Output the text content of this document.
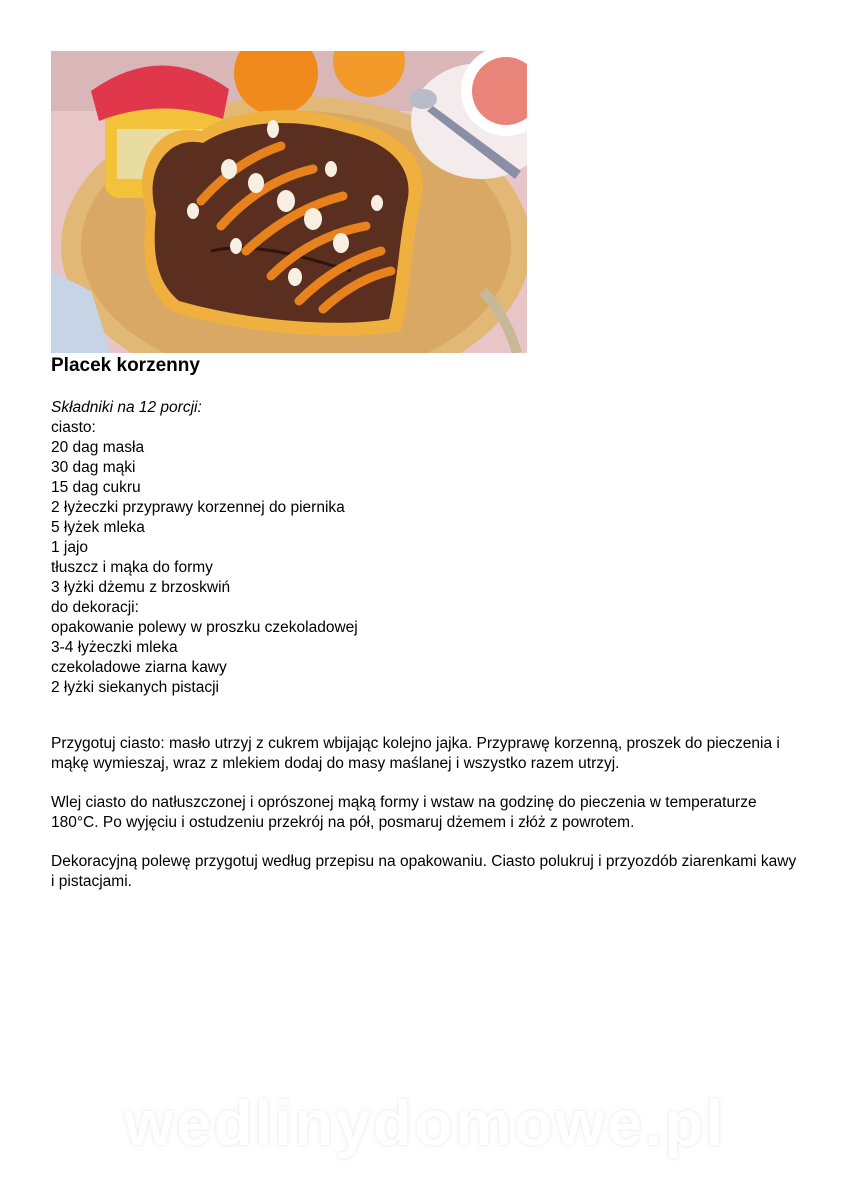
Placek korzenny
Składniki na 12 porcji:
ciasto:
20 dag masła
30 dag mąki
15 dag cukru
2 łyżeczki przyprawy korzennej do piernika
5 łyżek mleka
1 jajo
tłuszcz i mąka do formy
3 łyżki dżemu z brzoskwiń
do dekoracji:
opakowanie polewy w proszku czekoladowej
3-4 łyżeczki mleka
czekoladowe ziarna kawy
2 łyżki siekanych pistacji

Przygotuj ciasto: masło utrzyj z cukrem wbijając kolejno jajka. Przyprawę korzenną, proszek do pieczenia i mąkę wymieszaj, wraz z mlekiem dodaj do masy maślanej i wszystko razem utrzyj.

Wlej ciasto do natłuszczonej i oprószonej mąką formy i wstaw na godzinę do pieczenia w temperaturze 180°C. Po wyjęciu i ostudzeniu przekrój na pół, posmaruj dżemem i złóż z powrotem.

Dekoracyjną polewę przygotuj według przepisu na opakowaniu. Ciasto polukruj i przyozdób ziarenkami kawy i pistacjami.

wedlinydomowe.pl
